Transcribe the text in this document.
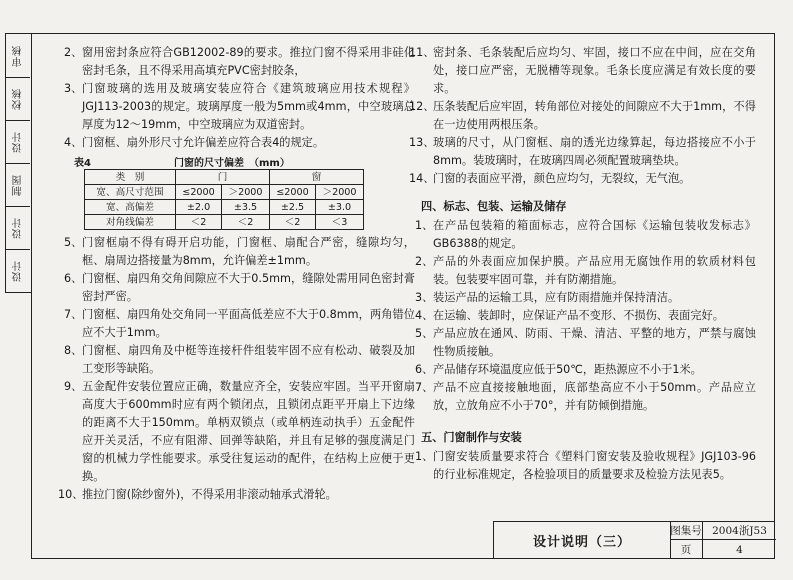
审核
校核
设计
制图
设计
设计
2、 窗用密封条应符合GB12002-89的要求。推拉门窗不得采用非硅化密封毛条，且不得采用高填充PVC密封胶条，

3、 门窗玻璃的选用及玻璃安装应符合《建筑玻璃应用技术规程》JGJ113-2003的规定。玻璃厚度一般为5mm或4mm，中空玻璃总厚度为12～19mm，中空玻璃应为双道密封。

4、 门窗框、扇外形尺寸允许偏差应符合表4的规定。

表4	门窗的尺寸偏差　（mm）
类　别	门		窗	
宽、高尺寸范围	≤2000	＞2000	≤2000	＞2000
宽、高偏差	±2.0	±3.5	±2.5	±3.0
对角线偏差	＜2	＜2	＜2	＜3
5、 门窗框扇不得有碍开启功能，门窗框、扇配合严密，缝隙均匀，框、扇周边搭接量为8mm，允许偏差±1mm。

6、 门窗框、扇四角交角间隙应不大于0.5mm，缝隙处需用同色密封膏密封严密。

7、 门窗框、扇四角处交角同一平面高低差应不大于0.8mm，两角错位应不大于1mm。

8、 门窗框、扇四角及中梃等连接杆件组装牢固不应有松动、破裂及加工变形等缺陷。

9、 五金配件安装位置应正确，数量应齐全，安装应牢固。当平开窗扇高度大于600mm时应有两个锁闭点，且锁闭点距平开扇上下边缘的距离不大于150mm。单柄双锁点（或单柄连动执手）五金配件应开关灵活，不应有阻滞、回弹等缺陷，并且有足够的强度满足门窗的机械力学性能要求。承受往复运动的配件，在结构上应便于更换。

10、

推拉门窗(除纱窗外)，不得采用非滚动轴承式滑轮。

11、

密封条、毛条装配后应均匀、牢固，接口不应在中间，应在交角处，接口应严密，无脱槽等现象。毛条长度应满足有效长度的要求。

12、

压条装配后应牢固，转角部位对接处的间隙应不大于1mm，不得在一边使用两根压条。

13、

玻璃的尺寸，从门窗框、扇的透光边缘算起，每边搭接应不小于8mm。装玻璃时，在玻璃四周必须配置玻璃垫块。

14、

门窗的表面应平滑，颜色应均匀，无裂纹，无气泡。

四、标志、包装、运输及储存
1、 在产品包装箱的箱面标志，应符合国标《运输包装收发标志》GB6388的规定。

2、 产品的外表面应加保护膜。产品应用无腐蚀作用的软质材料包装。包装要牢固可靠，并有防潮措施。

3、 装运产品的运输工具，应有防雨措施并保持清洁。

4、 在运输、装卸时，应保证产品不变形、不损伤、表面完好。

5、 产品应放在通风、防雨、干燥、清洁、平整的地方，严禁与腐蚀性物质接触。

6、 产品储存环境温度应低于50℃，距热源应不小于1米。

7、 产品不应直接接触地面，底部垫高应不小于50mm。产品应立放，立放角应不小于70°，并有防倾倒措施。

五、门窗制作与安装
1、 门窗安装质量要求符合《塑料门窗安装及验收规程》JGJ103-96的行业标准规定，各检验项目的质量要求及检验方法见表5。

设计说明（三）
图集号 2004浙J53
页	4
